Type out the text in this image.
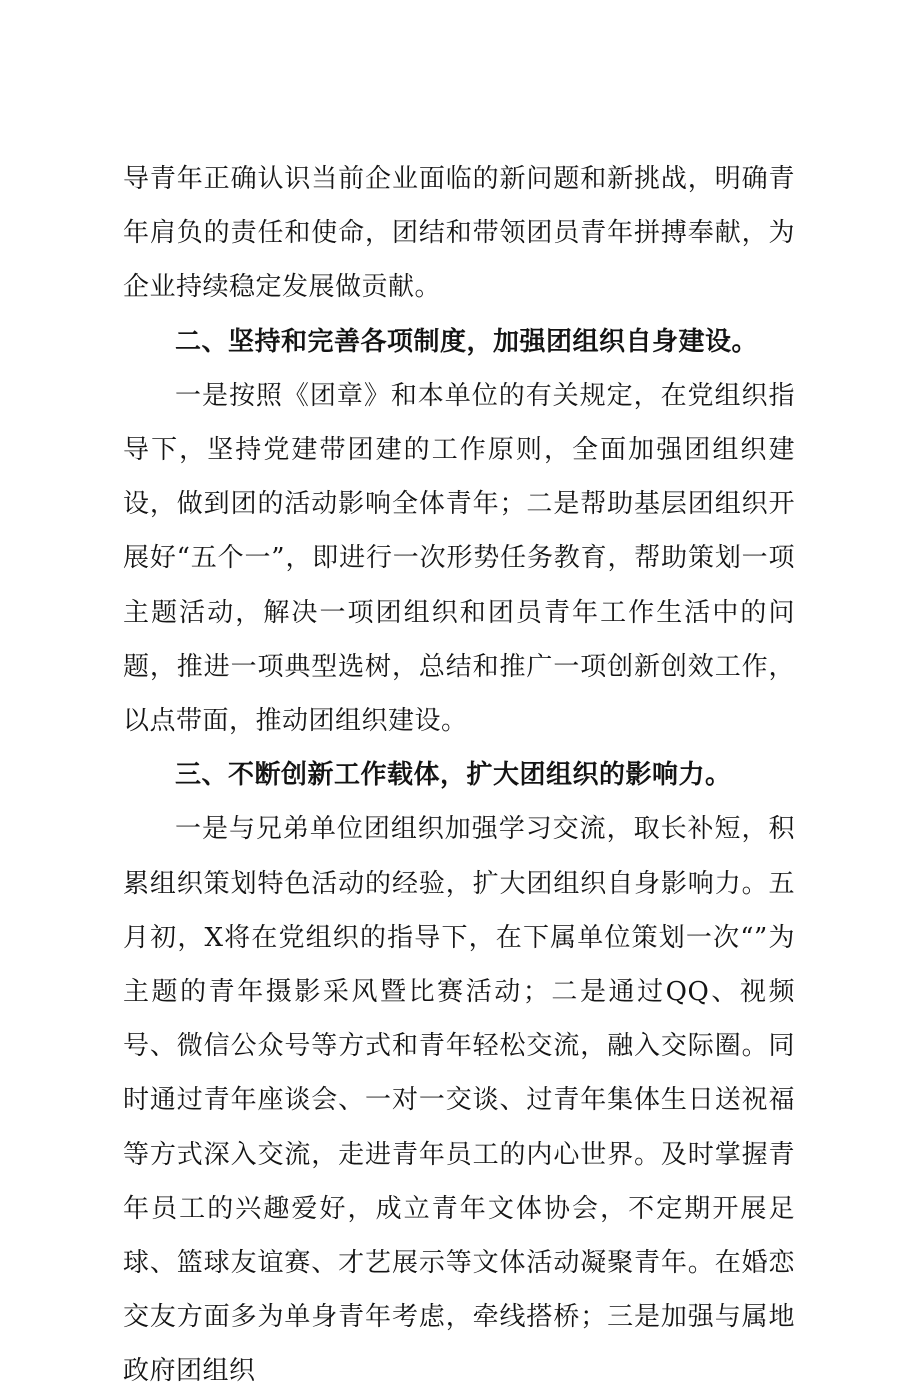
导青年正确认识当前企业面临的新问题和新挑战，明确青年肩负的责任和使命，团结和带领团员青年拼搏奉献，为企业持续稳定发展做贡献。

二、坚持和完善各项制度，加强团组织自身建设。

一是按照《团章》和本单位的有关规定，在党组织指导下，坚持党建带团建的工作原则，全面加强团组织建设，做到团的活动影响全体青年；二是帮助基层团组织开展好“五个一”，即进行一次形势任务教育，帮助策划一项主题活动，解决一项团组织和团员青年工作生活中的问题，推进一项典型选树，总结和推广一项创新创效工作，以点带面，推动团组织建设。

三、不断创新工作载体，扩大团组织的影响力。

一是与兄弟单位团组织加强学习交流，取长补短，积累组织策划特色活动的经验，扩大团组织自身影响力。五月初，X将在党组织的指导下，在下属单位策划一次“”为主题的青年摄影采风暨比赛活动；二是通过QQ、视频号、微信公众号等方式和青年轻松交流，融入交际圈。同时通过青年座谈会、一对一交谈、过青年集体生日送祝福等方式深入交流，走进青年员工的内心世界。及时掌握青年员工的兴趣爱好，成立青年文体协会，不定期开展足球、篮球友谊赛、才艺展示等文体活动凝聚青年。在婚恋交友方面多为单身青年考虑，牵线搭桥；三是加强与属地政府团组织
